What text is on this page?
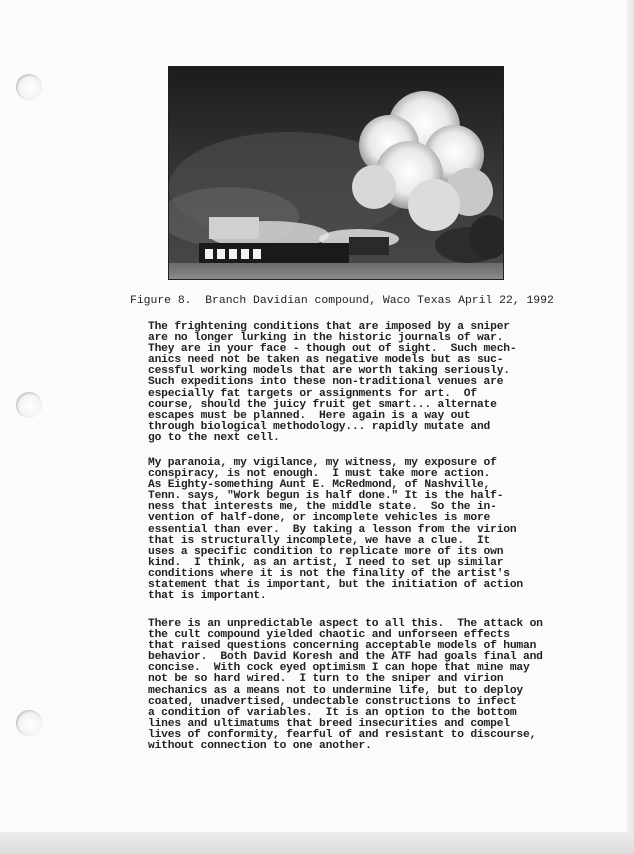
Figure 8.  Branch Davidian compound, Waco Texas April 22, 1992
The frightening conditions that are imposed by a sniper
are no longer lurking in the historic journals of war.
They are in your face - though out of sight.  Such mech-
anics need not be taken as negative models but as suc-
cessful working models that are worth taking seriously.
Such expeditions into these non-traditional venues are
especially fat targets or assignments for art.  Of
course, should the juicy fruit get smart... alternate
escapes must be planned.  Here again is a way out
through biological methodology... rapidly mutate and
go to the next cell.
My paranoia, my vigilance, my witness, my exposure of
conspiracy, is not enough.  I must take more action.
As Eighty-something Aunt E. McRedmond, of Nashville,
Tenn. says, "Work begun is half done." It is the half-
ness that interests me, the middle state.  So the in-
vention of half-done, or incomplete vehicles is more
essential than ever.  By taking a lesson from the virion
that is structurally incomplete, we have a clue.  It
uses a specific condition to replicate more of its own
kind.  I think, as an artist, I need to set up similar
conditions where it is not the finality of the artist's
statement that is important, but the initiation of action
that is important.
There is an unpredictable aspect to all this.  The attack on
the cult compound yielded chaotic and unforseen effects
that raised questions concerning acceptable models of human
behavior.  Both David Koresh and the ATF had goals final and
concise.  With cock eyed optimism I can hope that mine may
not be so hard wired.  I turn to the sniper and virion
mechanics as a means not to undermine life, but to deploy
coated, unadvertised, undectable constructions to infect
a condition of variables.  It is an option to the bottom
lines and ultimatums that breed insecurities and compel
lives of conformity, fearful of and resistant to discourse,
without connection to one another.
